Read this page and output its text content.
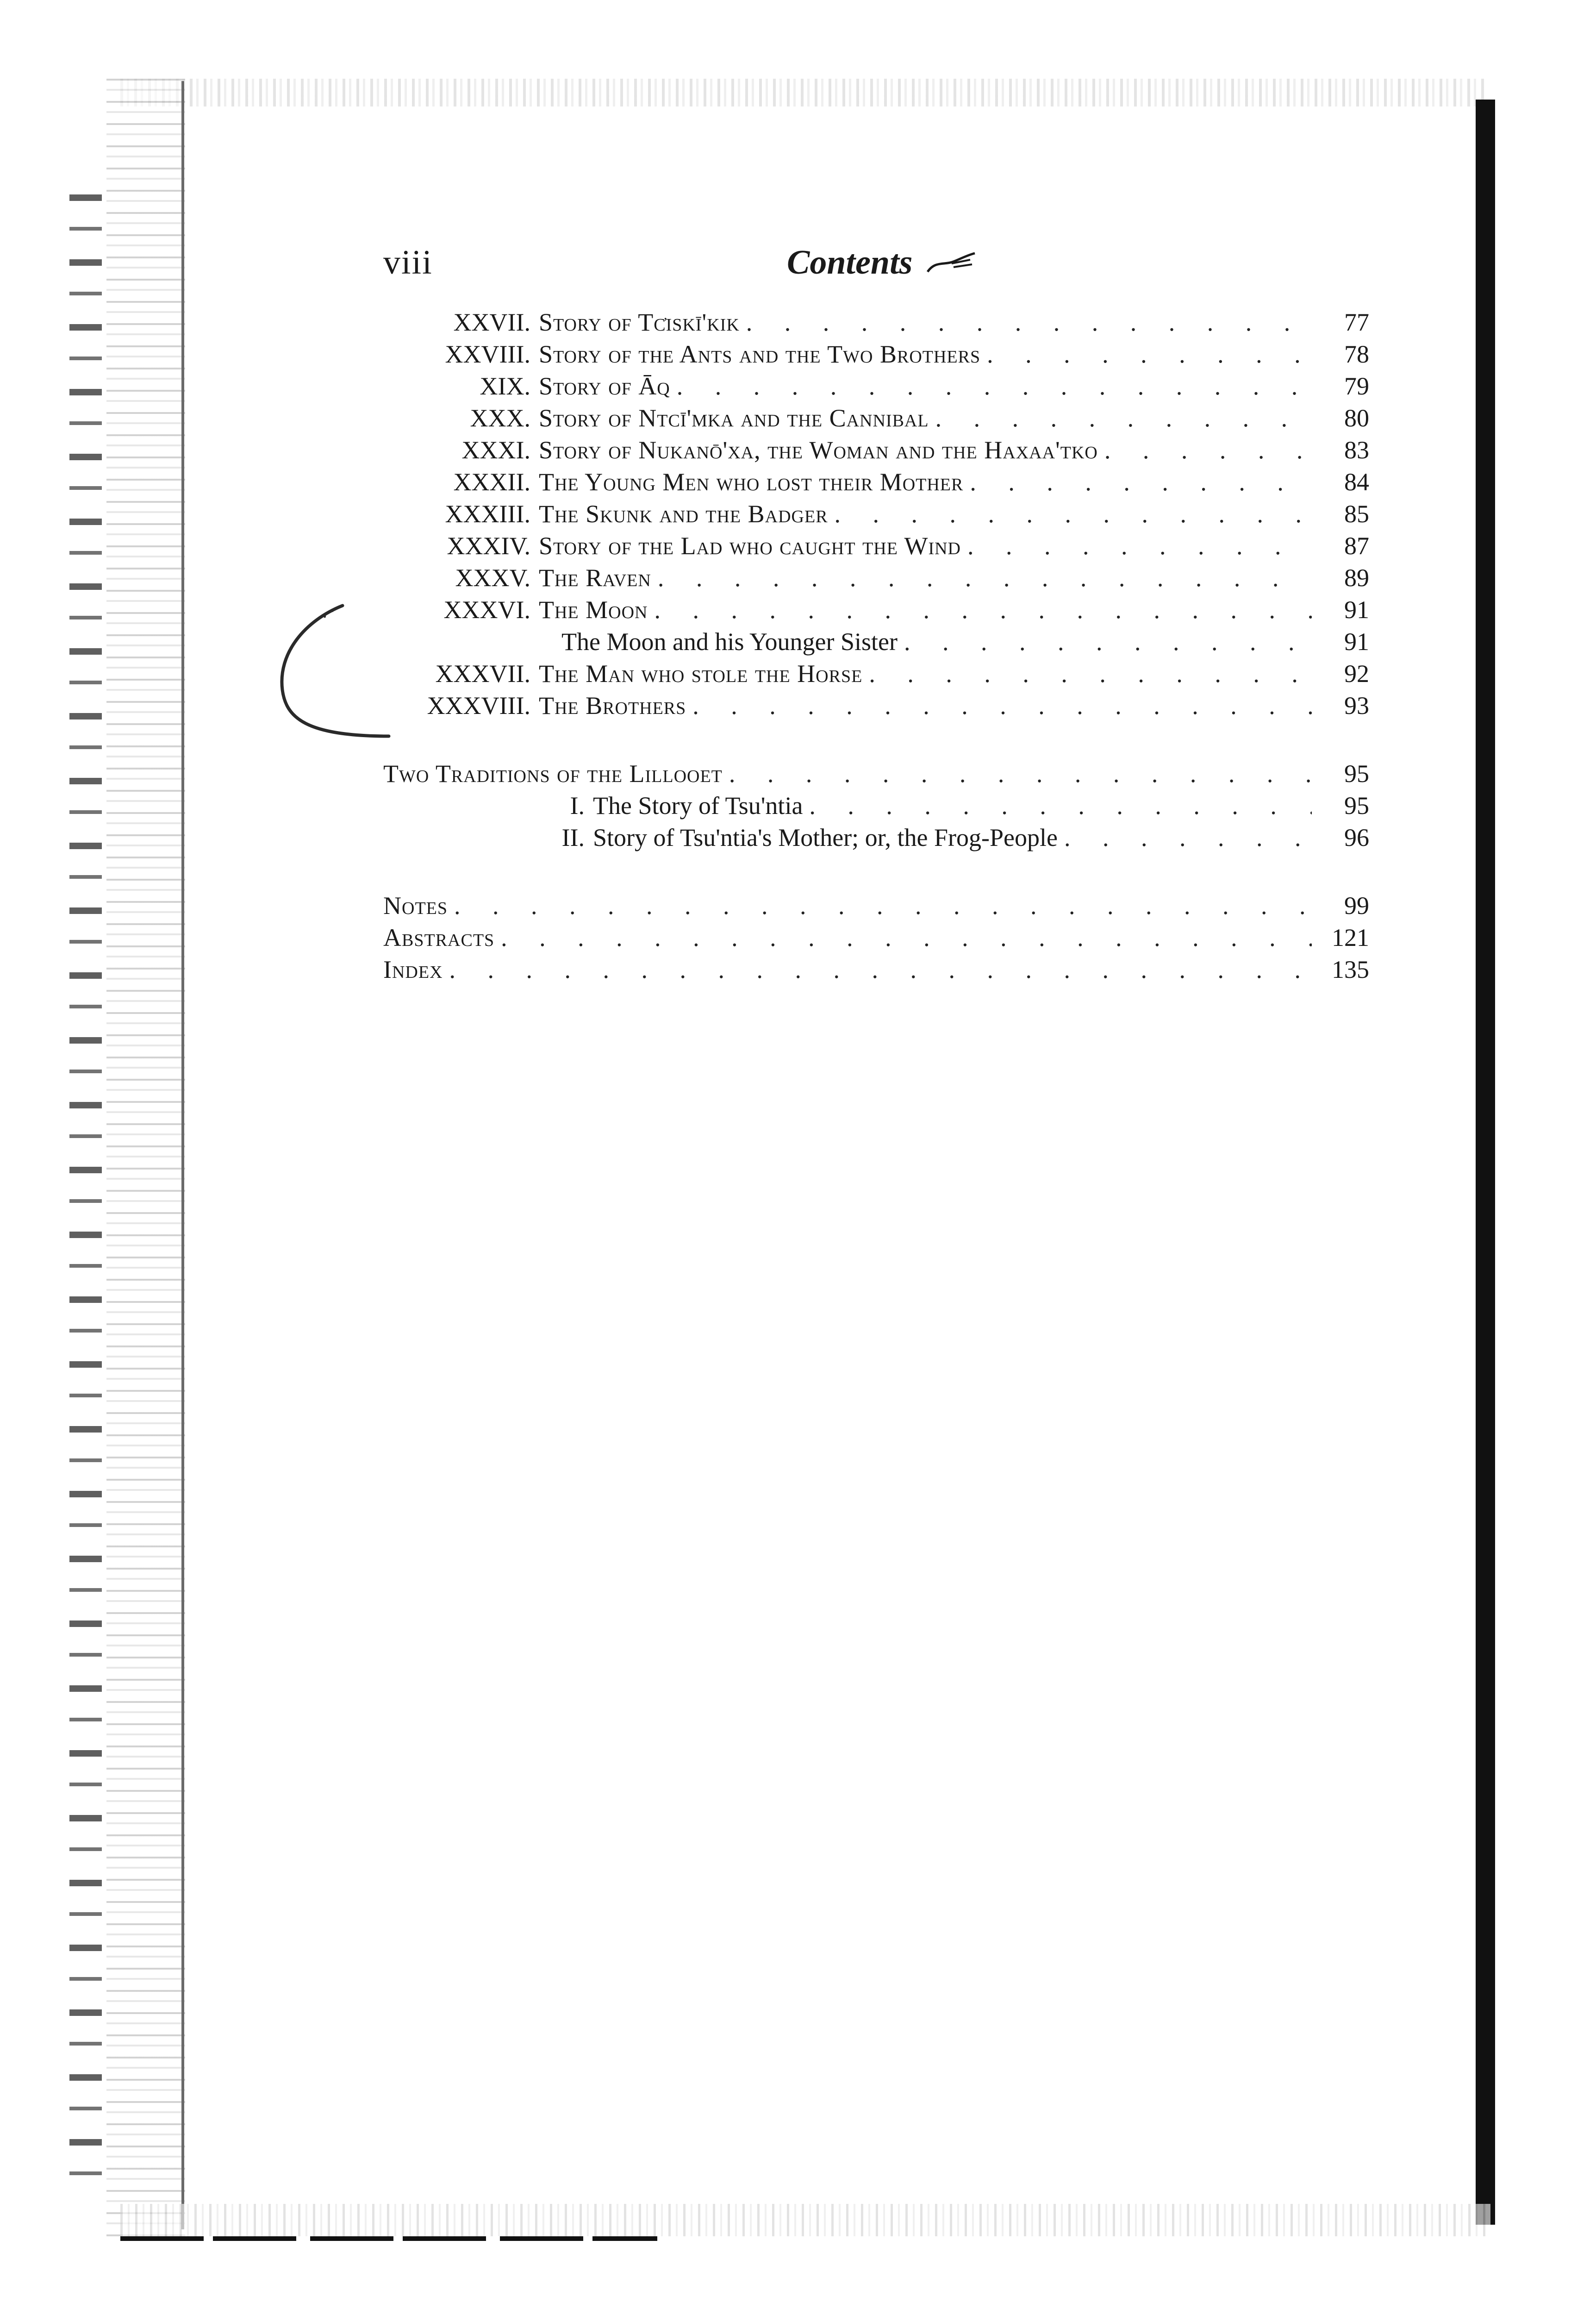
viii	Contents
XXVII. Story of Tc̓iskī'kik . . .	77
XXVIII. Story of the Ants and the Two Brothers . . .	78
XIX. Story of Āq . . .	79
XXX. Story of Ntcī'mka and the Cannibal . . .	80
XXXI. Story of Nukanō'xa, the Woman and the Haxaa'tko . . .	83
XXXII. The Young Men who lost their Mother . . .	84
XXXIII. The Skunk and the Badger . . .	85
XXXIV. Story of the Lad who caught the Wind . . .	87
XXXV. The Raven . . .	89
XXXVI. The Moon . . .	91
The Moon and his Younger Sister . . .	91
XXXVII. The Man who stole the Horse . . .	92
XXXVIII. The Brothers . . .	93
Two Traditions of the Lillooet . . .	95
I. The Story of Tsu'ntia . . .	95
II. Story of Tsu'ntia's Mother; or, the Frog-People . . .	96
Notes . . .	99
Abstracts . . .	121
Index . . .	135
